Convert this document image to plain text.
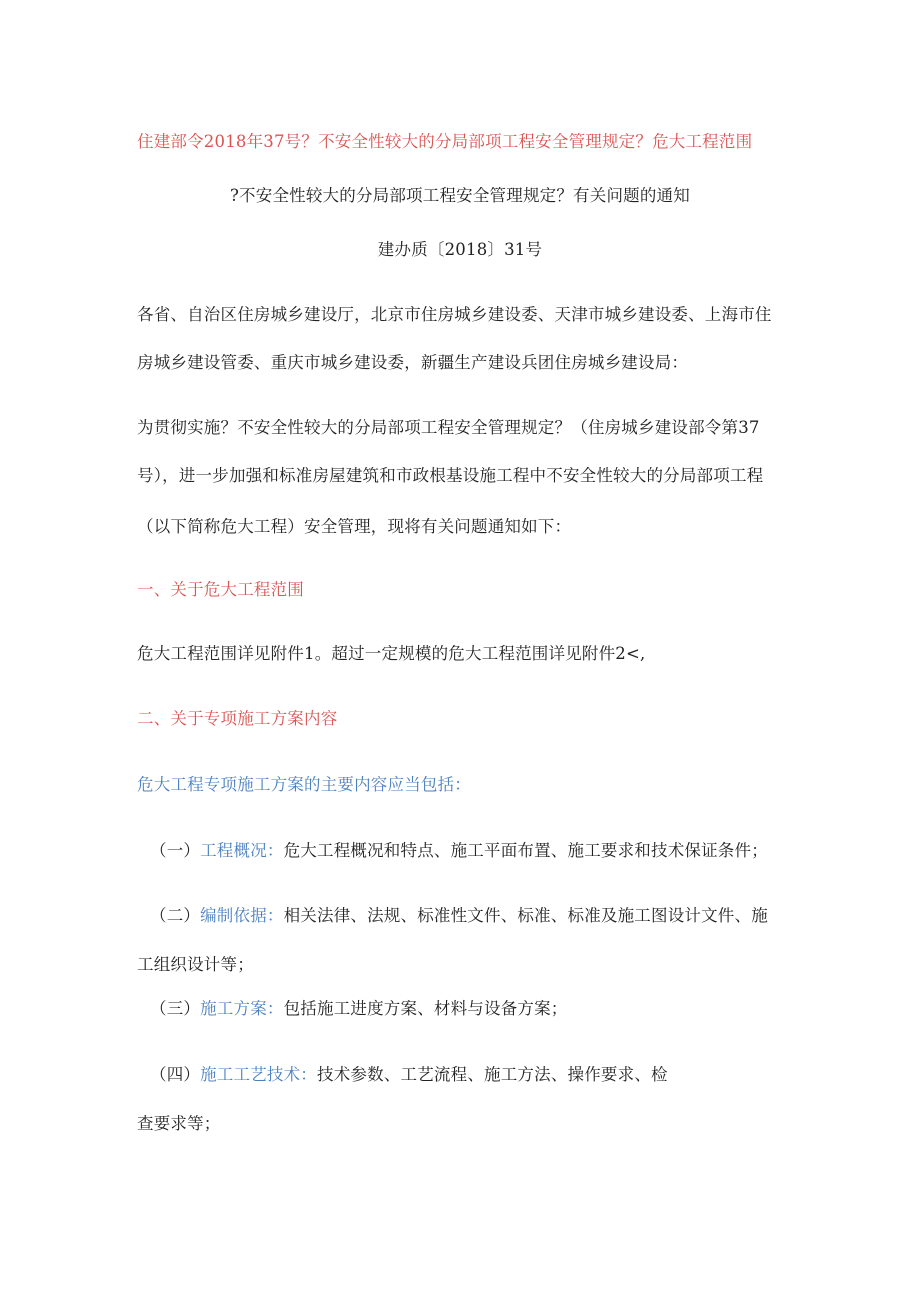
住建部令2018年37号？不安全性较大的分局部项工程安全管理规定？危大工程范围
?不安全性较大的分局部项工程安全管理规定？有关问题的通知
建办质〔2018〕31号
各省、自治区住房城乡建设厅，北京市住房城乡建设委、天津市城乡建设委、上海市住
房城乡建设管委、重庆市城乡建设委，新疆生产建设兵团住房城乡建设局：
为贯彻实施？不安全性较大的分局部项工程安全管理规定？（住房城乡建设部令第37
号），进一步加强和标准房屋建筑和市政根基设施工程中不安全性较大的分局部项工程
（以下简称危大工程）安全管理，现将有关问题通知如下：
一、关于危大工程范围
危大工程范围详见附件1。超过一定规模的危大工程范围详见附件2<,
二、关于专项施工方案内容
危大工程专项施工方案的主要内容应当包括：
（一）工程概况：危大工程概况和特点、施工平面布置、施工要求和技术保证条件；
（二）编制依据：相关法律、法规、标准性文件、标准、标准及施工图设计文件、施
工组织设计等；
（三）施工方案：包括施工进度方案、材料与设备方案；
（四）施工工艺技术：技术参数、工艺流程、施工方法、操作要求、检
查要求等；
